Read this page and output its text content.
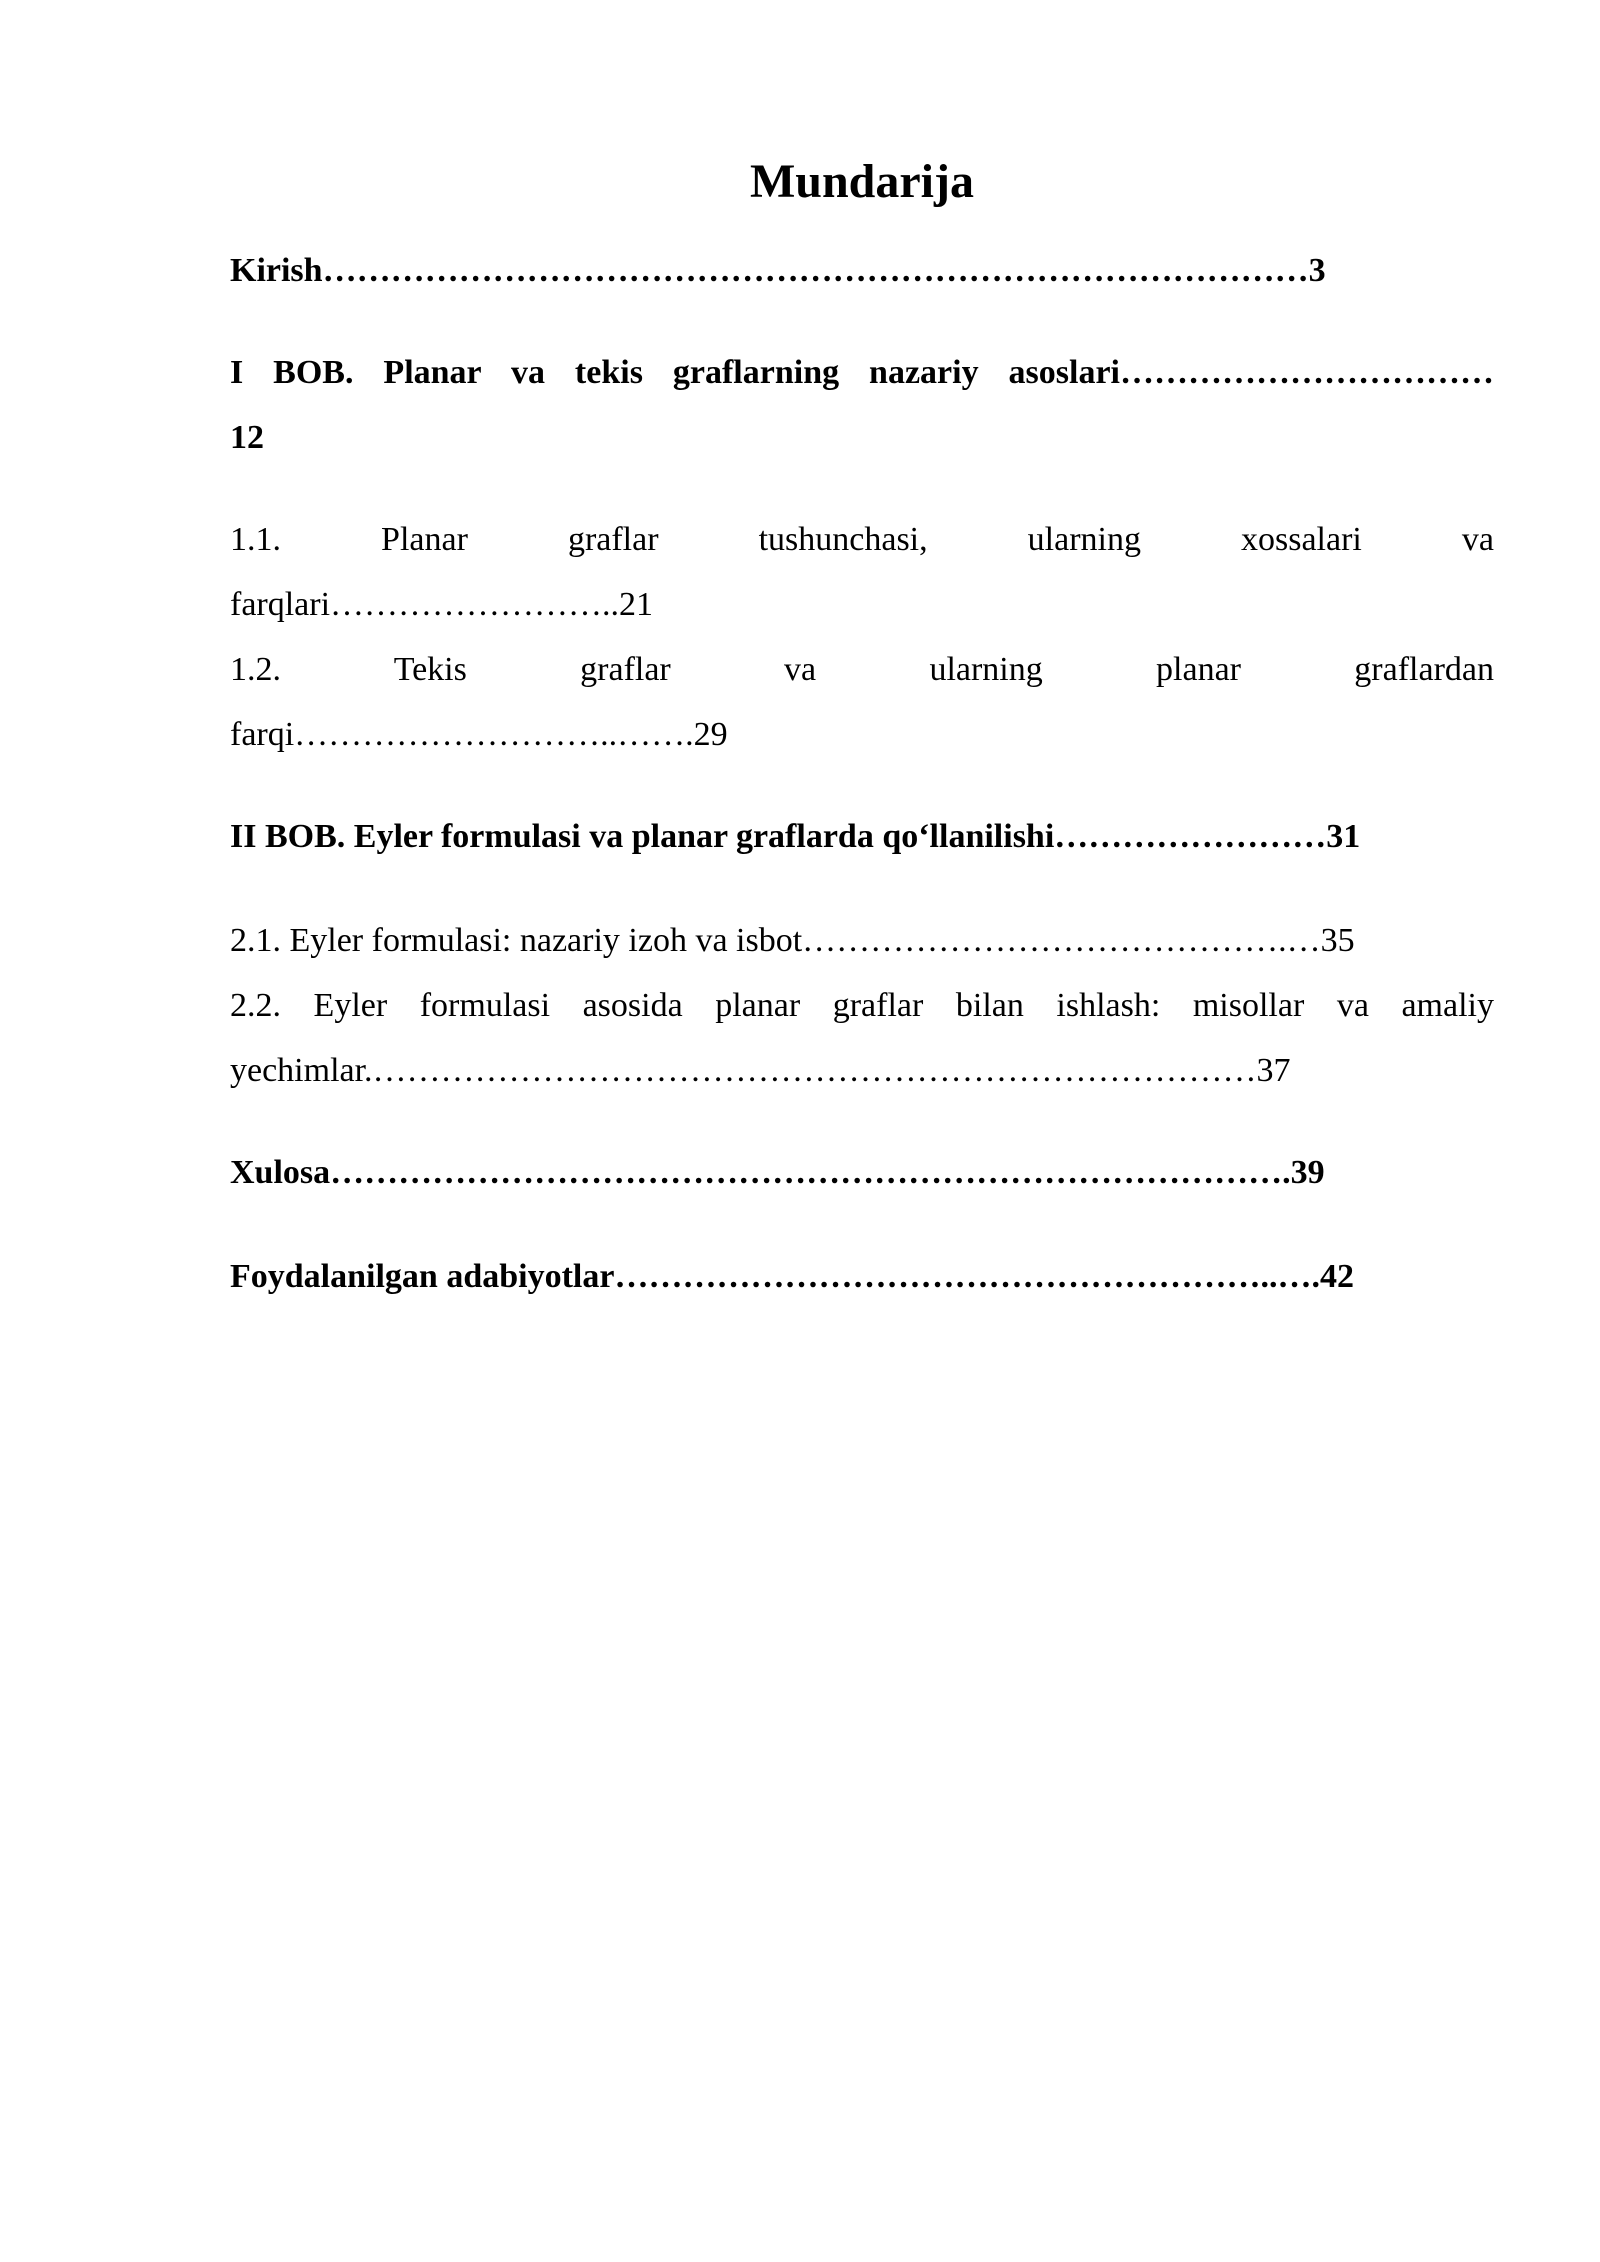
Mundarija
Kirish……………………………………………………………………………3
I BOB. Planar va tekis graflarning nazariy asoslari……………………………
12
1.1. Planar graflar tushunchasi, ularning xossalari va
farqlari……………………..21
1.2. Tekis graflar va ularning planar graflardan
farqi………………………..…….29
II BOB. Eyler formulasi va planar graflarda qo‘llanilishi……………………31
2.1. Eyler formulasi: nazariy izoh va isbot…………………………………….…35
2.2. Eyler formulasi asosida planar graflar bilan ishlash: misollar va amaliy
yechimlar.……………………………………………………………………37
Xulosa………………………………………………………………………….39
Foydalanilgan adabiyotlar…………………………………………………..….42
